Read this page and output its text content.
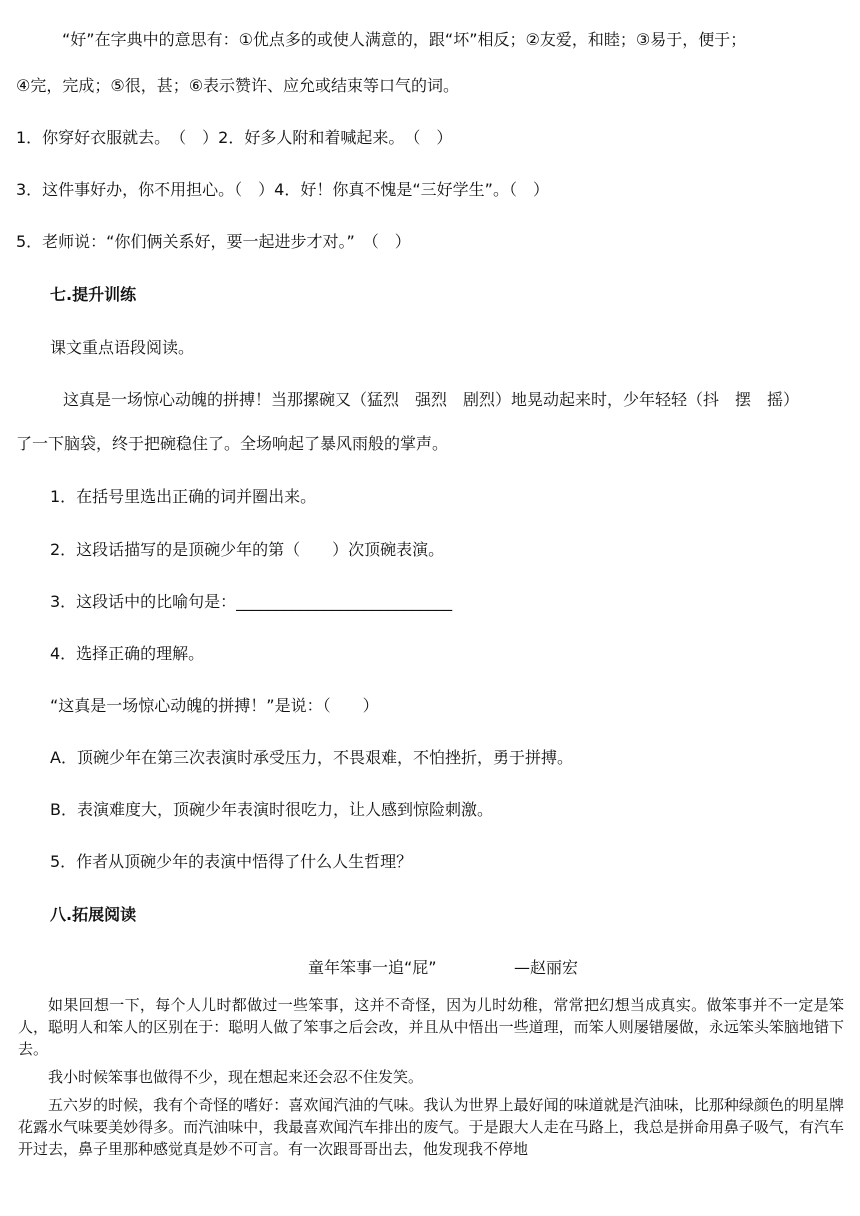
“好”在字典中的意思有：①优点多的或使人满意的，跟“坏”相反；②友爱，和睦；③易于，便于；
④完，完成；⑤很，甚；⑥表示赞许、应允或结束等口气的词。
1．你穿好衣服就去。　（　）2．好多人附和着喊起来。　（　）
3．这件事好办，你不用担心。（　）4．好！你真不愧是“三好学生”。（　）
5．老师说：“你们俩关系好，要一起进步才对。”　（　）
七.提升训练
课文重点语段阅读。
这真是一场惊心动魄的拼搏！当那摞碗又（猛烈　强烈　剧烈）地晃动起来时，少年轻轻（抖　摆　摇）
了一下脑袋，终于把碗稳住了。全场响起了暴风雨般的掌声。
1．在括号里选出正确的词并圈出来。
2．这段话描写的是顶碗少年的第（　　）次顶碗表演。
3．这段话中的比喻句是：___________________________
4．选择正确的理解。
“这真是一场惊心动魄的拼搏！”是说：（　　）
A．顶碗少年在第三次表演时承受压力，不畏艰难，不怕挫折，勇于拼搏。
B．表演难度大，顶碗少年表演时很吃力，让人感到惊险刺激。
5．作者从顶碗少年的表演中悟得了什么人生哲理？
八.拓展阅读
童年笨事一追“屁”	—赵丽宏

如果回想一下，每个人儿时都做过一些笨事，这并不奇怪，因为儿时幼稚，常常把幻想当成真实。做笨事并不一定是笨人，聪明人和笨人的区别在于：聪明人做了笨事之后会改，并且从中悟出一些道理，而笨人则屡错屡做，永远笨头笨脑地错下去。

我小时候笨事也做得不少，现在想起来还会忍不住发笑。

五六岁的时候，我有个奇怪的嗜好：喜欢闻汽油的气味。我认为世界上最好闻的味道就是汽油味，比那种绿颜色的明星牌花露水气味要美妙得多。而汽油味中，我最喜欢闻汽车排出的废气。于是跟大人走在马路上，我总是拼命用鼻子吸气，有汽车开过去，鼻子里那种感觉真是妙不可言。有一次跟哥哥出去，他发现我不停地
